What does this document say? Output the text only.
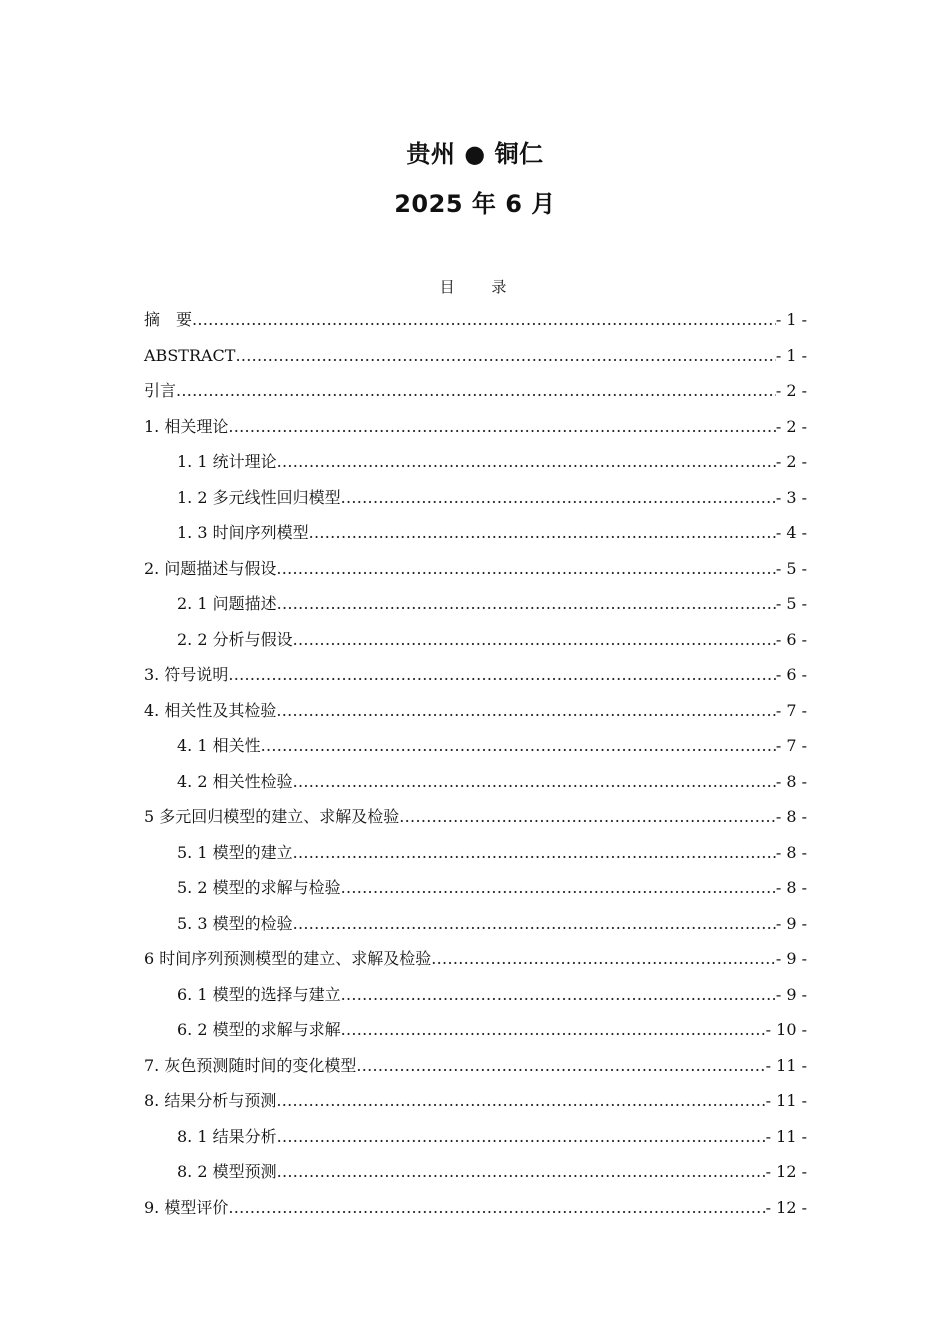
贵州 ● 铜仁
2025 年 6 月
目 录
摘　要 .....	- 1 -
ABSTRACT .....	- 1 -
引言 .....	- 2 -
1. 相关理论 .....	- 2 -
1. 1 统计理论 .....	- 2 -
1. 2 多元线性回归模型 .....	- 3 -
1. 3 时间序列模型 .....	- 4 -
2. 问题描述与假设 .....	- 5 -
2. 1 问题描述 .....	- 5 -
2. 2 分析与假设 .....	- 6 -
3. 符号说明 .....	- 6 -
4. 相关性及其检验 .....	- 7 -
4. 1 相关性 .....	- 7 -
4. 2 相关性检验 .....	- 8 -
5 多元回归模型的建立、求解及检验 .....	- 8 -
5. 1 模型的建立 .....	- 8 -
5. 2 模型的求解与检验 .....	- 8 -
5. 3 模型的检验 .....	- 9 -
6 时间序列预测模型的建立、求解及检验 .....	- 9 -
6. 1 模型的选择与建立 .....	- 9 -
6. 2 模型的求解与求解 .....	- 10 -
7. 灰色预测随时间的变化模型 .....	- 11 -
8. 结果分析与预测 .....	- 11 -
8. 1 结果分析 .....	- 11 -
8. 2 模型预测 .....	- 12 -
9. 模型评价 .....	- 12 -
